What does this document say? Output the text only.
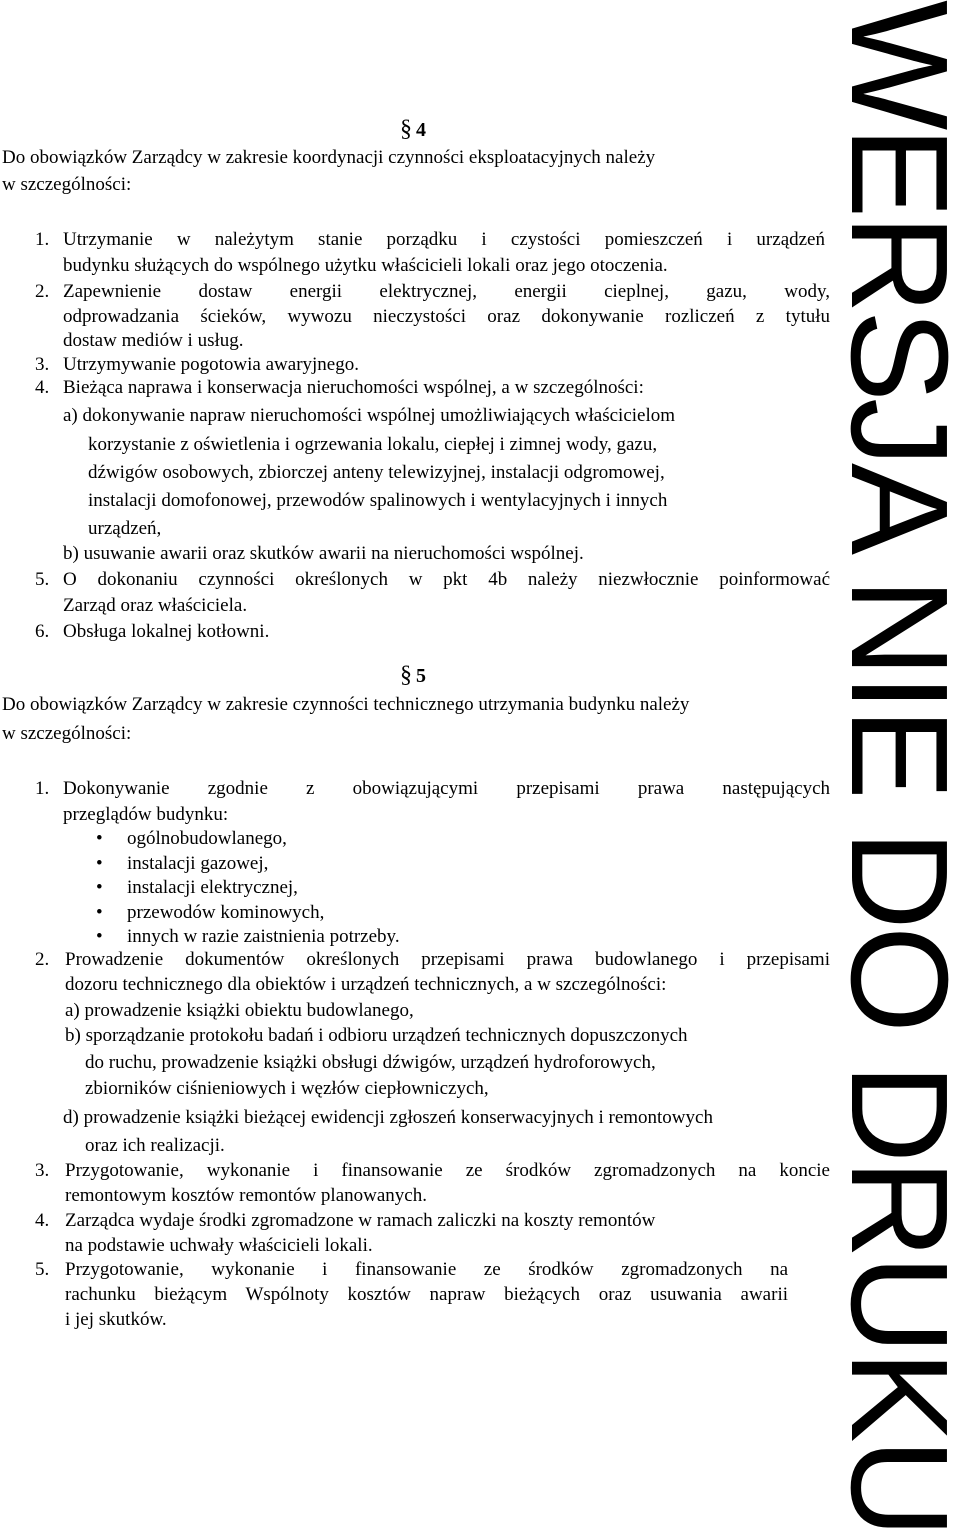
§ 4
Do obowiązków Zarządcy w zakresie koordynacji czynności eksploatacyjnych należy
w szczególności:
1. Utrzymanie w należytym stanie porządku i czystości pomieszczeń i urządzeń
budynku służących do wspólnego użytku właścicieli lokali oraz jego otoczenia.
2. Zapewnienie dostaw energii elektrycznej, energii cieplnej, gazu, wody,
odprowadzania ścieków, wywozu nieczystości oraz dokonywanie rozliczeń z tytułu
dostaw mediów i usług.
3. Utrzymywanie pogotowia awaryjnego.
4. Bieżąca naprawa i konserwacja nieruchomości wspólnej, a w szczególności:
a) dokonywanie napraw nieruchomości wspólnej umożliwiających właścicielom
korzystanie z oświetlenia i ogrzewania lokalu, ciepłej i zimnej wody, gazu,
dźwigów osobowych, zbiorczej anteny telewizyjnej, instalacji odgromowej,
instalacji domofonowej, przewodów spalinowych i wentylacyjnych i innych
urządzeń,
b) usuwanie awarii oraz skutków awarii na nieruchomości wspólnej.
5. O dokonaniu czynności określonych w pkt 4b należy niezwłocznie poinformować
Zarząd oraz właściciela.
6. Obsługa lokalnej kotłowni.
§ 5
Do obowiązków Zarządcy w zakresie czynności technicznego utrzymania budynku należy
w szczególności:
1. Dokonywanie zgodnie z obowiązującymi przepisami prawa następujących
przeglądów budynku:
• ogólnobudowlanego,
• instalacji gazowej,
• instalacji elektrycznej,
• przewodów kominowych,
• innych w razie zaistnienia potrzeby.
2. Prowadzenie dokumentów określonych przepisami prawa budowlanego i przepisami
dozoru technicznego dla obiektów i urządzeń technicznych, a w szczególności:
a) prowadzenie książki obiektu budowlanego,
b) sporządzanie protokołu badań i odbioru urządzeń technicznych dopuszczonych
do ruchu, prowadzenie książki obsługi dźwigów, urządzeń hydroforowych,
zbiorników ciśnieniowych i węzłów ciepłowniczych,
d) prowadzenie książki bieżącej ewidencji zgłoszeń konserwacyjnych i remontowych
oraz ich realizacji.
3. Przygotowanie, wykonanie i finansowanie ze środków zgromadzonych na koncie
remontowym kosztów remontów planowanych.
4. Zarządca wydaje środki zgromadzone w ramach zaliczki na koszty remontów
na podstawie uchwały właścicieli lokali.
5. Przygotowanie, wykonanie i finansowanie ze środków zgromadzonych na
rachunku bieżącym Wspólnoty kosztów napraw bieżących oraz usuwania awarii
i jej skutków.	WERSJA NIE DO DRUKU
